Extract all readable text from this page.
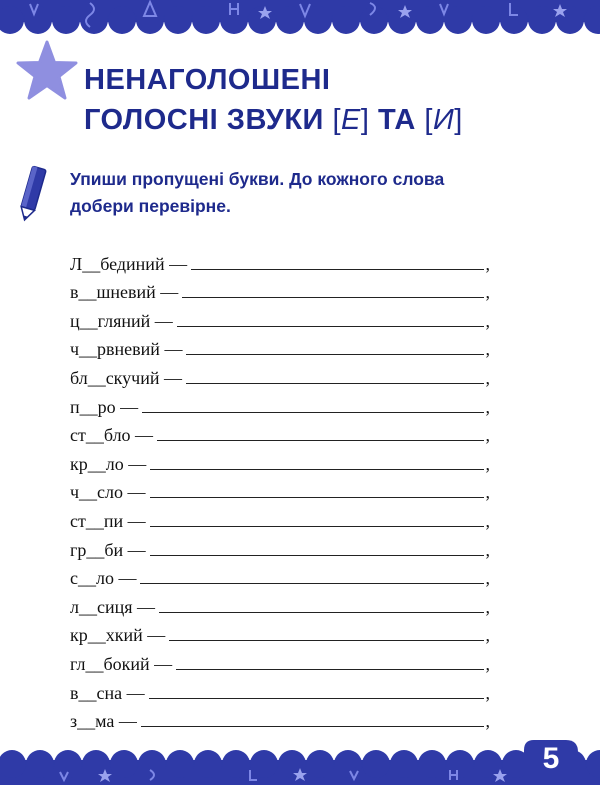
НЕНАГОЛОШЕНІ
ГОЛОСНІ ЗВУКИ [Е] ТА [И]
Упиши пропущені букви. До кожного слова добери перевірне.
Л__бединий —	,
в__шневий —	,
ц__гляний —	,
ч__рвневий —	,
бл__скучий —	,
п__ро —	,
ст__бло —	,
кр__ло —	,
ч__сло —	,
ст__пи —	,
гр__би —	,
с__ло —	,
л__сиця —	,
кр__хкий —	,
гл__бокий —	,
в__сна —	,
з__ма —	,
5
